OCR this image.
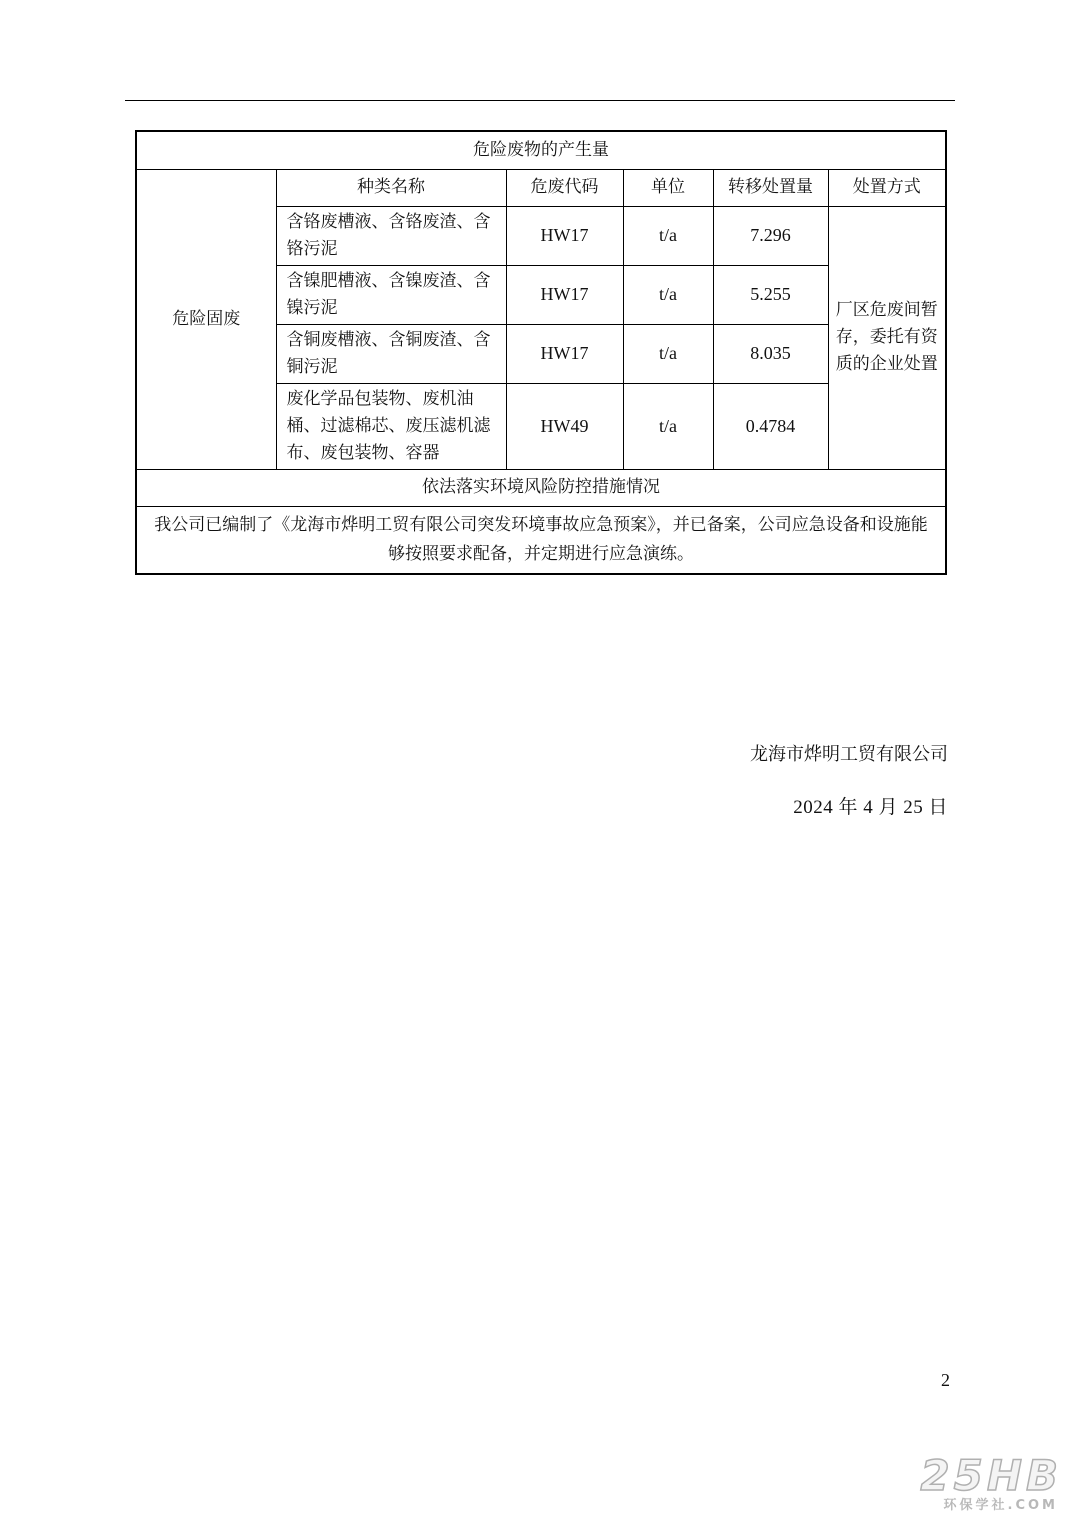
危险废物的产生量					
危险固废	种类名称	危废代码	单位	转移处置量	处置方式
	含铬废槽液、含铬废渣、含铬污泥	HW17	t/a	7.296	厂区危废间暂存，委托有资质的企业处置
	含镍肥槽液、含镍废渣、含镍污泥	HW17	t/a	5.255	
	含铜废槽液、含铜废渣、含铜污泥	HW17	t/a	8.035	
	废化学品包装物、废机油桶、过滤棉芯、废压滤机滤布、废包装物、容器	HW49	t/a	0.4784	
依法落实环境风险防控措施情况					
我公司已编制了《龙海市烨明工贸有限公司突发环境事故应急预案》，并已备案，公司应急设备和设施能够按照要求配备，并定期进行应急演练。					
龙海市烨明工贸有限公司
2024 年 4 月 25 日
2
25HB
环保学社.COM
